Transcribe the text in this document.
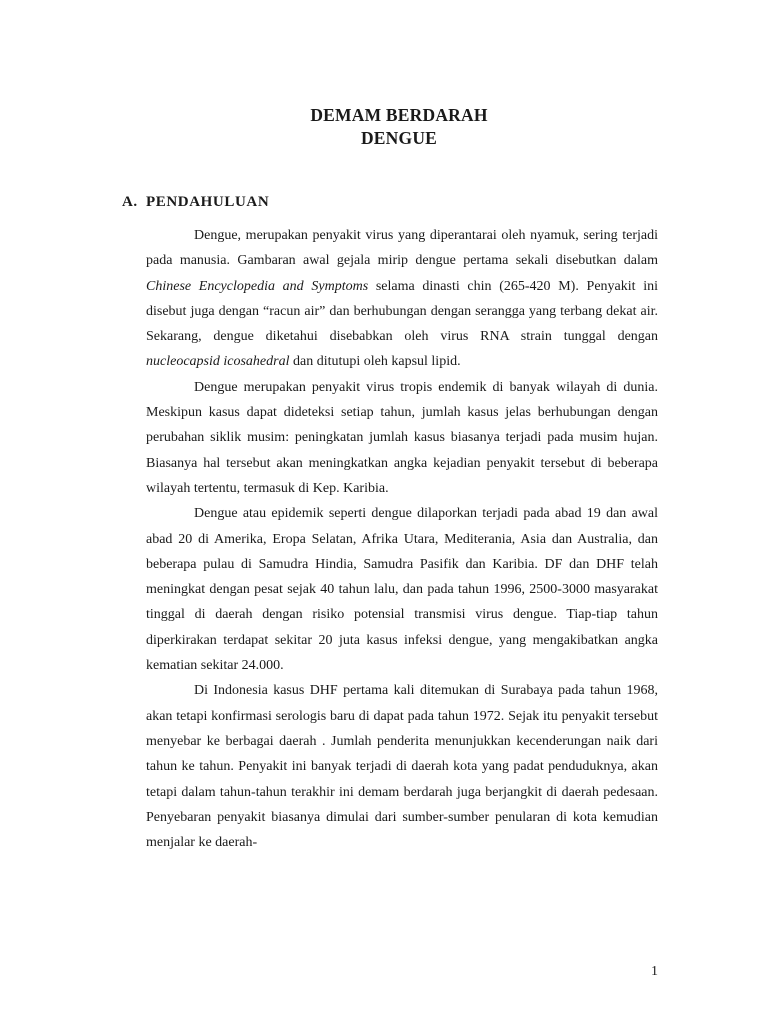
DEMAM BERDARAH
DENGUE
A. PENDAHULUAN

Dengue, merupakan penyakit virus yang diperantarai oleh nyamuk, sering terjadi pada manusia. Gambaran awal gejala mirip dengue pertama sekali disebutkan dalam Chinese Encyclopedia and Symptoms selama dinasti chin (265-420 M). Penyakit ini disebut juga dengan “racun air” dan berhubungan dengan serangga yang terbang dekat air. Sekarang, dengue diketahui disebabkan oleh virus RNA strain tunggal dengan nucleocapsid icosahedral dan ditutupi oleh kapsul lipid.

Dengue merupakan penyakit virus tropis endemik di banyak wilayah di dunia. Meskipun kasus dapat dideteksi setiap tahun, jumlah kasus jelas berhubungan dengan perubahan siklik musim: peningkatan jumlah kasus biasanya terjadi pada musim hujan. Biasanya hal tersebut akan meningkatkan angka kejadian penyakit tersebut di beberapa wilayah tertentu, termasuk di Kep. Karibia.

Dengue atau epidemik seperti dengue dilaporkan terjadi pada abad 19 dan awal abad 20 di Amerika, Eropa Selatan, Afrika Utara, Mediterania, Asia dan Australia, dan beberapa pulau di Samudra Hindia, Samudra Pasifik dan Karibia. DF dan DHF telah meningkat dengan pesat sejak 40 tahun lalu, dan pada tahun 1996, 2500-3000 masyarakat tinggal di daerah dengan risiko potensial transmisi virus dengue. Tiap-tiap tahun diperkirakan terdapat sekitar 20 juta kasus infeksi dengue, yang mengakibatkan angka kematian sekitar 24.000.

Di Indonesia kasus DHF pertama kali ditemukan di Surabaya pada tahun 1968, akan tetapi konfirmasi serologis baru di dapat pada tahun 1972. Sejak itu penyakit tersebut menyebar ke berbagai daerah . Jumlah penderita menunjukkan kecenderungan naik dari tahun ke tahun. Penyakit ini banyak terjadi di daerah kota yang padat penduduknya, akan tetapi dalam tahun-tahun terakhir ini demam berdarah juga berjangkit di daerah pedesaan. Penyebaran penyakit biasanya dimulai dari sumber-sumber penularan di kota kemudian menjalar ke daerah-

1
